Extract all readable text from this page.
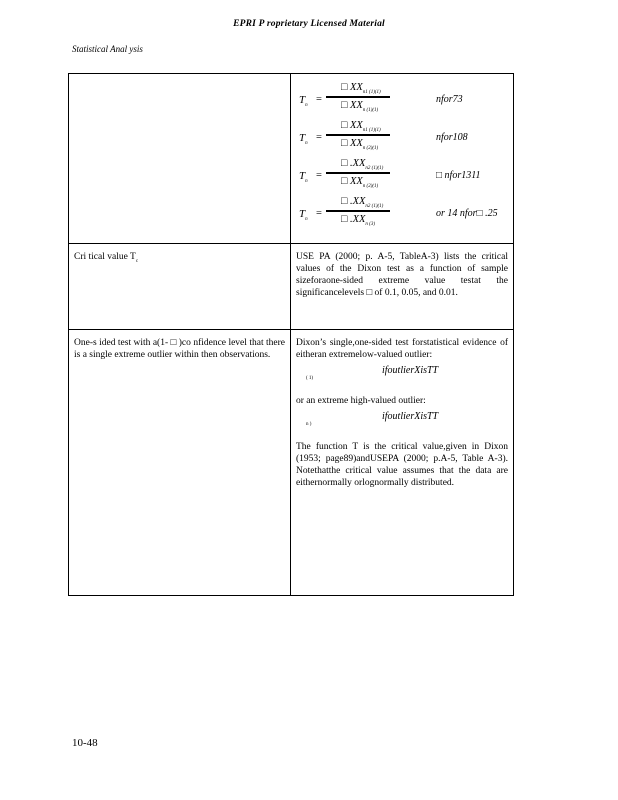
EPRI P roprietary Licensed Material
Statistical Anal ysis
$T_n$
=
□ $XX_{n1 (1)(1)}$
□ $XX_{n (1)(1)}$
nfor73
$T_n$
=
□ $XX_{n1 (1)(1)}$
□ $XX_{n (2)(1)}$
nfor108
$T_n$
=
□ $.XX_{n2 (1)(1)}$
□ $XX_{n (2)(1)}$
□ nfor1311
$T_n$
=
□ $.XX_{n2 (1)(1)}$
□ $.XX_{n (3)}$
or 14 nfor□ .25
Cri tical value $T_c$	USE PA (2000; p. A-5, TableA-3) lists the critical values of the Dixon test as a function of sample sizeforaone-sided extreme value testat the significancelevels □ of 0.1, 0.05, and 0.01.
One-s ided test with a(1- □ )co nfidence level that there is a single extreme outlier within then observations.
Dixon’s single,one-sided test forstatistical evidence of eitheran extremelow-valued outlier:
( 1)
ifoutlierXisTT
or an extreme high-valued outlier:
n )
ifoutlierXisTT
The function T is the critical value,given in Dixon (1953; page89)andUSEPA (2000; p.A-5, Table A-3). Notethatthe critical value assumes that the data are eithernormally orlognormally distributed.
10-48
